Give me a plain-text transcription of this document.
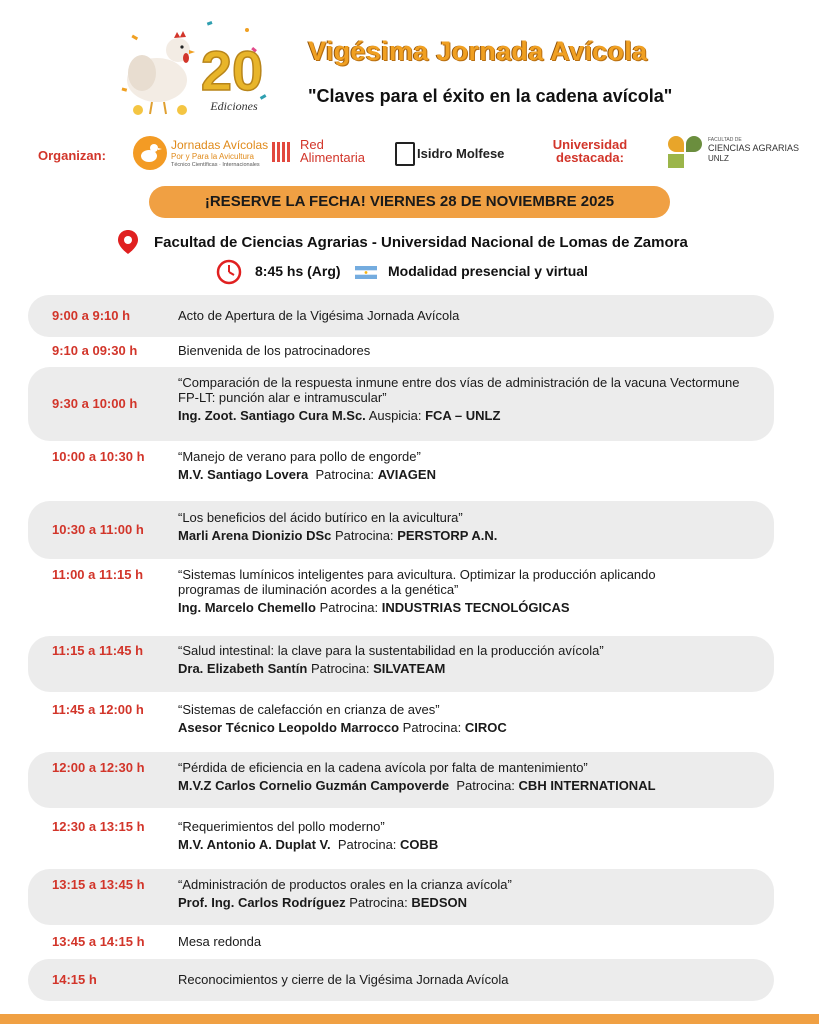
20
Ediciones
Vigésima Jornada Avícola
"Claves para el éxito en la cadena avícola"
Organizan:
Jornadas Avícolas
Por y Para la Avicultura
Técnico Científicas · Internacionales
Red
Alimentaria	Isidro Molfese
Universidad
destacada:
FACULTAD DE
CIENCIAS AGRARIAS
UNLZ
¡RESERVE LA FECHA! VIERNES 28 DE NOVIEMBRE 2025
Facultad de Ciencias Agrarias - Universidad Nacional de Lomas de Zamora
8:45 hs (Arg)	Modalidad presencial y virtual
9:00 a 9:10 h	Acto de Apertura de la Vigésima Jornada Avícola
9:10 a 09:30 h	Bienvenida de los patrocinadores
9:30 a 10:00 h
“Comparación de la respuesta inmune entre dos vías de administración de la vacuna Vectormune FP-LT: punción alar e intramuscular”
Ing. Zoot. Santiago Cura M.Sc. Auspicia: FCA – UNLZ
10:00 a 10:30 h	“Manejo de verano para pollo de engorde”
M.V. Santiago Lovera Patrocina: AVIAGEN
10:30 a 11:00 h
“Los beneficios del ácido butírico en la avicultura”
Marli Arena Dionizio DSc Patrocina: PERSTORP A.N.
11:00 a 11:15 h	“Sistemas lumínicos inteligentes para avicultura. Optimizar la producción aplicando programas de iluminación acordes a la genética”
Ing. Marcelo Chemello Patrocina: INDUSTRIAS TECNOLÓGICAS
11:15 a 11:45 h	“Salud intestinal: la clave para la sustentabilidad en la producción avícola”
Dra. Elizabeth Santín Patrocina: SILVATEAM
11:45 a 12:00 h	“Sistemas de calefacción en crianza de aves”
Asesor Técnico Leopoldo Marrocco Patrocina: CIROC
12:00 a 12:30 h	“Pérdida de eficiencia en la cadena avícola por falta de mantenimiento”
M.V.Z Carlos Cornelio Guzmán Campoverde Patrocina: CBH INTERNATIONAL
12:30 a 13:15 h	“Requerimientos del pollo moderno”
M.V. Antonio A. Duplat V. Patrocina: COBB
13:15 a 13:45 h	“Administración de productos orales en la crianza avícola”
Prof. Ing. Carlos Rodríguez Patrocina: BEDSON
13:45 a 14:15 h	Mesa redonda
14:15 h	Reconocimientos y cierre de la Vigésima Jornada Avícola
